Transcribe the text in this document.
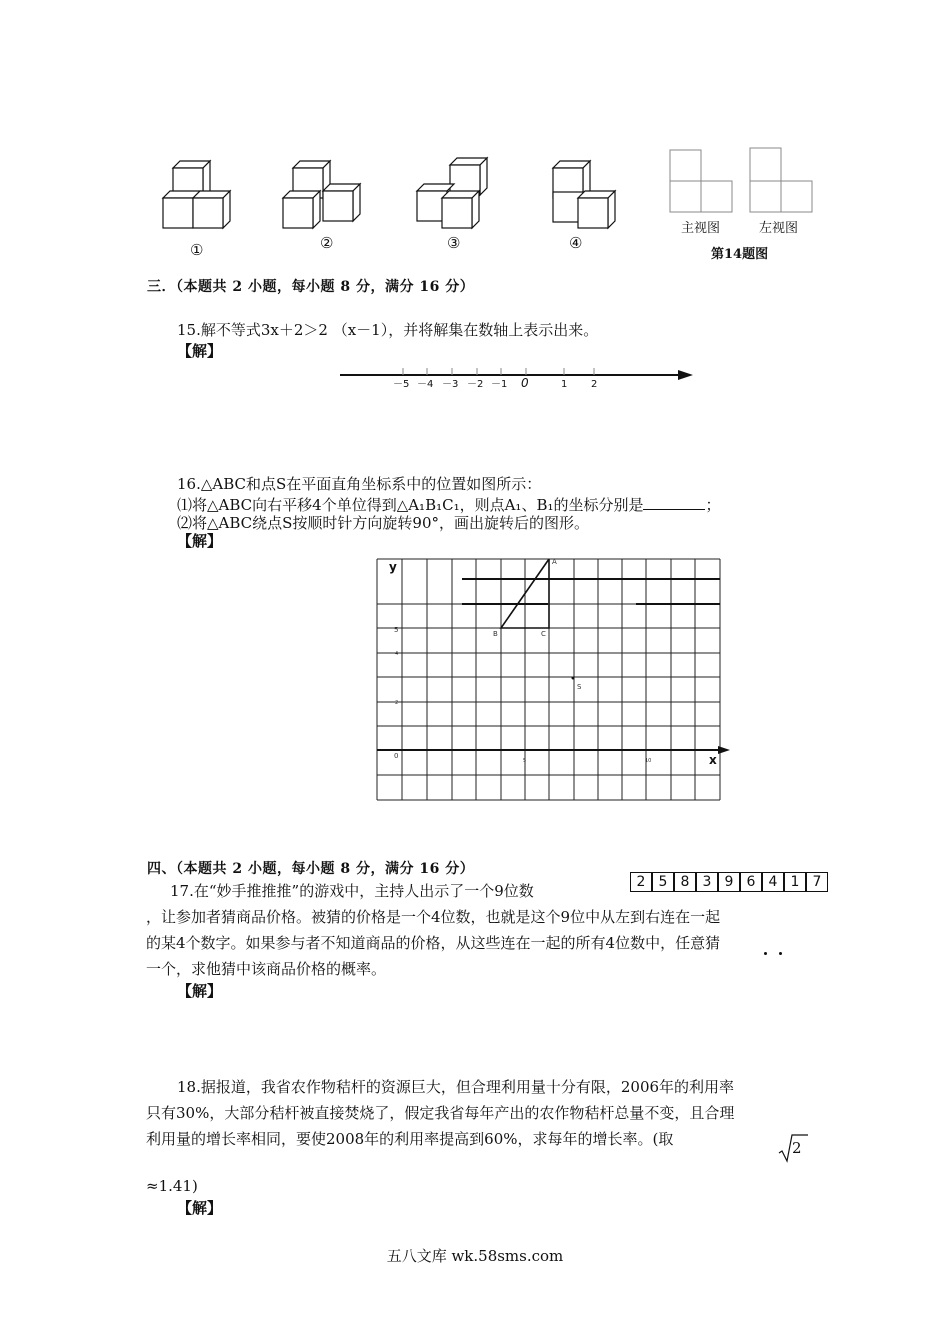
①	②	③	④
主视图	左视图
第14题图
三．（本题共 2 小题，每小题 8 分，满分 16 分）
15.解不等式3x＋2＞2 （x－1），并将解集在数轴上表示出来。
【解】
－5 －4 －3 －2 －1 0	1 2
16.△ABC和点S在平面直角坐标系中的位置如图所示：
⑴将△ABC向右平移4个单位得到△A₁B₁C₁，则点A₁、B₁的坐标分别是	；
⑵将△ABC绕点S按顺时针方向旋转90°，画出旋转后的图形。
【解】
A
B	C
S
5
4
2
0
5	10
y
x
四、（本题共 2 小题，每小题 8 分，满分 16 分）
2 5 8 3 9 6 4 1 7
17.在“妙手推推推”的游戏中，主持人出示了一个9位数
，让参加者猜商品价格。被猜的价格是一个4位数，也就是这个9位中从左到右连在一起
的某4个数字。如果参与者不知道商品的价格，从这些连在一起的所有4位数中，任意猜
一个，求他猜中该商品价格的概率。
【解】
18.据报道，我省农作物秸杆的资源巨大，但合理利用量十分有限，2006年的利用率
只有30%，大部分秸杆被直接焚烧了，假定我省每年产出的农作物秸杆总量不变，且合理
利用量的增长率相同，要使2008年的利用率提高到60%，求每年的增长率。(取	2
≈1.41)
【解】
五八文库 wk.58sms.com
